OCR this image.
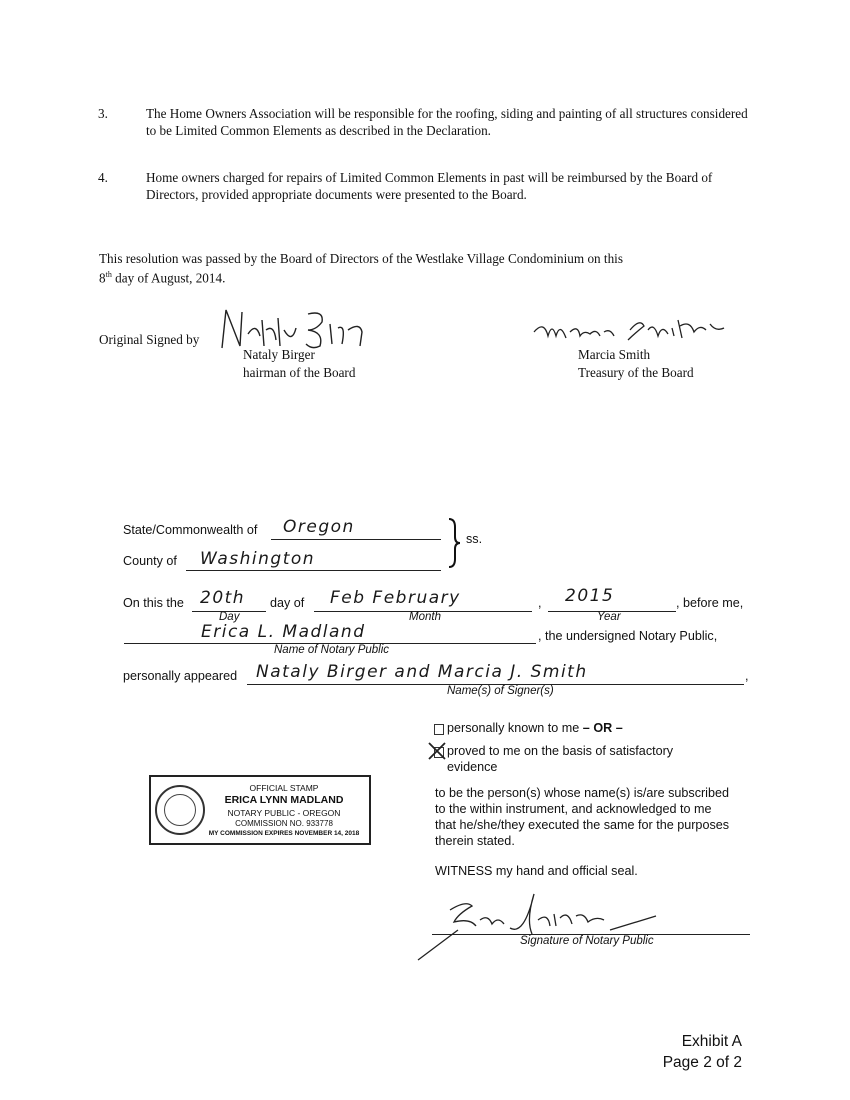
3.	The Home Owners Association will be responsible for the roofing, siding and painting of all structures considered to be Limited Common Elements as described in the Declaration.
4.	Home owners charged for repairs of Limited Common Elements in past will be reimbursed by the Board of Directors, provided appropriate documents were presented to the Board.
This resolution was passed by the Board of Directors of the Westlake Village Condominium on this
8th day of August, 2014.
Original Signed by
Nataly Birger
hairman of the Board
Marcia Smith
Treasury of the Board
State/Commonwealth of Oregon
County of Washington
ss.
On this the 20th day of Feb February	, 2015	, before me,
Day	Month	Year
Erica L. Madland	, the undersigned Notary Public,
Name of Notary Public
personally appeared Nataly Birger and Marcia J. Smith	,
Name(s) of Signer(s)
personally known to me – OR –
proved to me on the basis of satisfactory
evidence
to be the person(s) whose name(s) is/are subscribed
to the within instrument, and acknowledged to me
that he/she/they executed the same for the purposes
therein stated.
WITNESS my hand and official seal.
Signature of Notary Public
OFFICIAL STAMP
ERICA LYNN MADLAND
NOTARY PUBLIC - OREGON
COMMISSION NO. 933778
MY COMMISSION EXPIRES NOVEMBER 14, 2018
Exhibit A
Page 2 of 2
